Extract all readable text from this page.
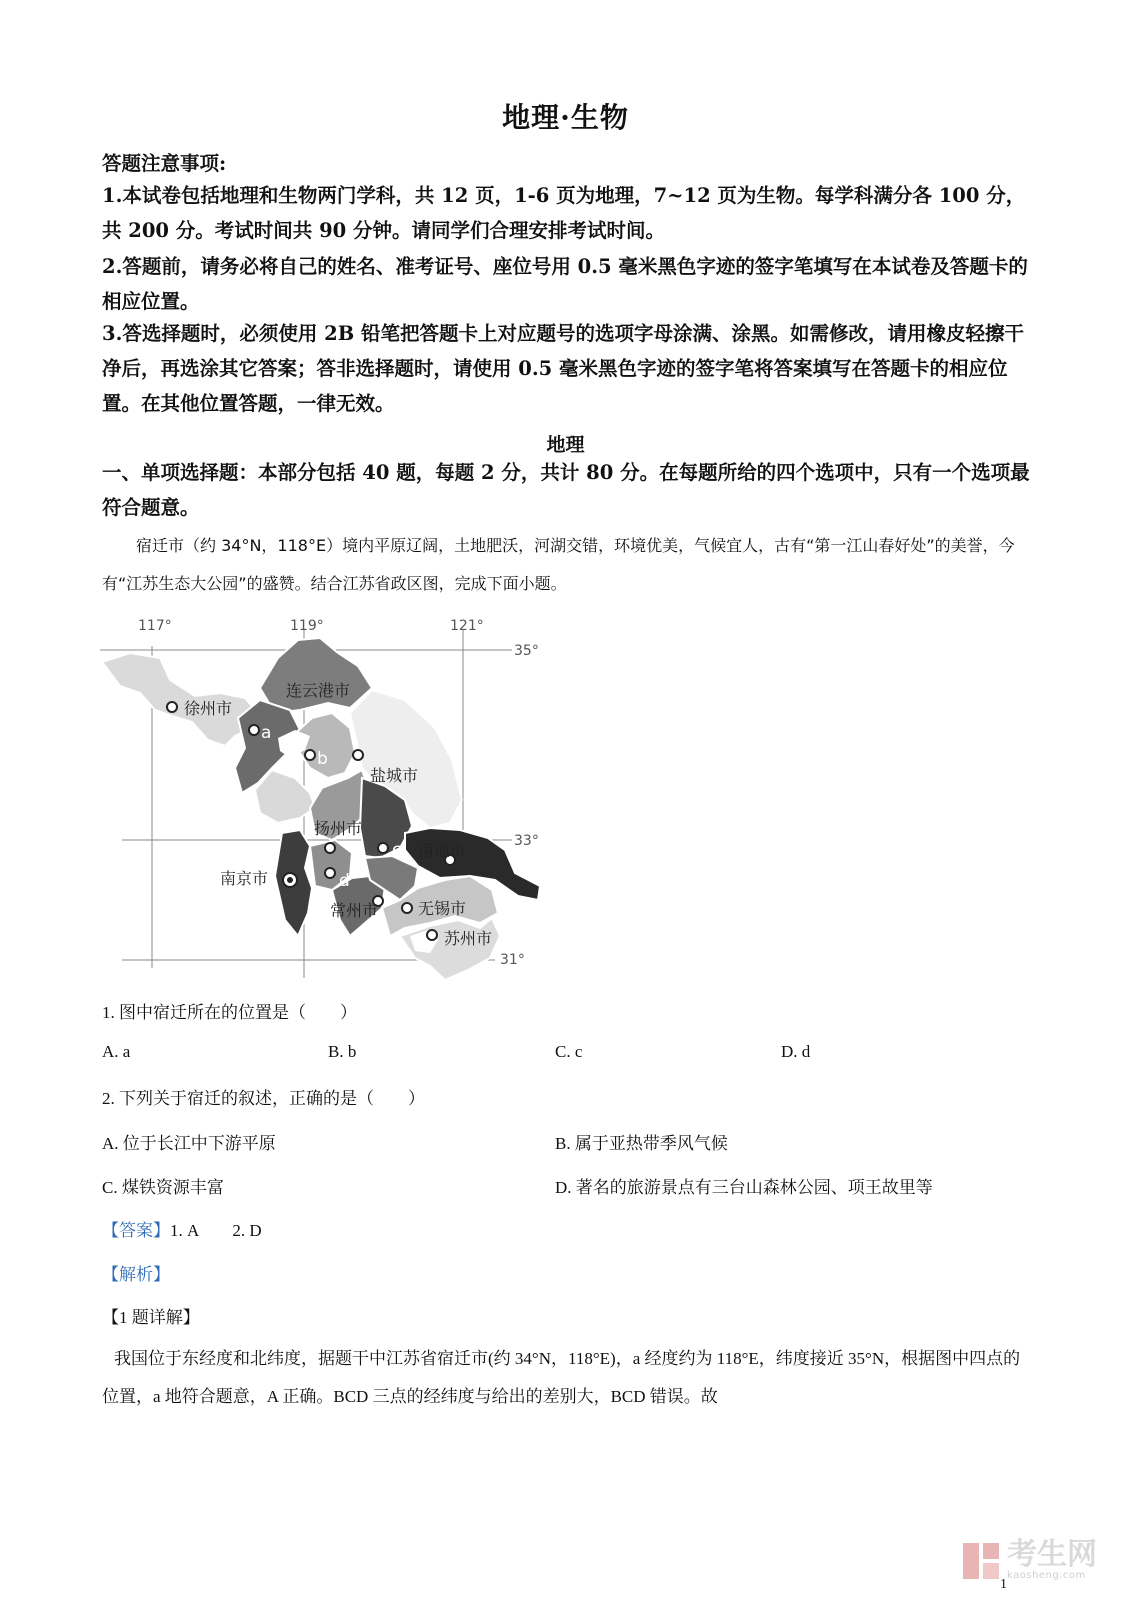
地理·生物
答题注意事项:
1.本试卷包括地理和生物两门学科，共 12 页，1-6 页为地理，7~12 页为生物。每学科满分各 100 分，共 200 分。考试时间共 90 分钟。请同学们合理安排考试时间。
2.答题前，请务必将自己的姓名、准考证号、座位号用 0.5 毫米黑色字迹的签字笔填写在本试卷及答题卡的相应位置。
3.答选择题时，必须使用 2B 铅笔把答题卡上对应题号的选项字母涂满、涂黑。如需修改，请用橡皮轻擦干净后，再选涂其它答案；答非选择题时，请使用 0.5 毫米黑色字迹的签字笔将答案填写在答题卡的相应位置。在其他位置答题，一律无效。
地理
一、单项选择题：本部分包括 40 题，每题 2 分，共计 80 分。在每题所给的四个选项中，只有一个选项最符合题意。
宿迁市（约 34°N，118°E）境内平原辽阔，土地肥沃，河湖交错，环境优美，气候宜人，古有“第一江山春好处”的美誉，今有“江苏生态大公园”的盛赞。结合江苏省政区图，完成下面小题。
117°	119°	121°
35°
33°
31°
连云港市
徐州市
盐城市
扬州市
南通市
南京市
常州市 无锡市
苏州市
a
b
c
d
1. 图中宿迁所在的位置是（　　）
A. a	B. b	C. c	D. d
2. 下列关于宿迁的叙述，正确的是（　　）
A. 位于长江中下游平原	B. 属于亚热带季风气候
C. 煤铁资源丰富	D. 著名的旅游景点有三台山森林公园、项王故里等
【答案】1. A　　2. D
【解析】
【1 题详解】
我国位于东经度和北纬度，据题干中江苏省宿迁市(约 34°N，118°E)，a 经度约为 118°E，纬度接近 35°N，根据图中四点的位置，a 地符合题意，A 正确。BCD 三点的经纬度与给出的差别大，BCD 错误。故
考生网
kaosheng.com
1
